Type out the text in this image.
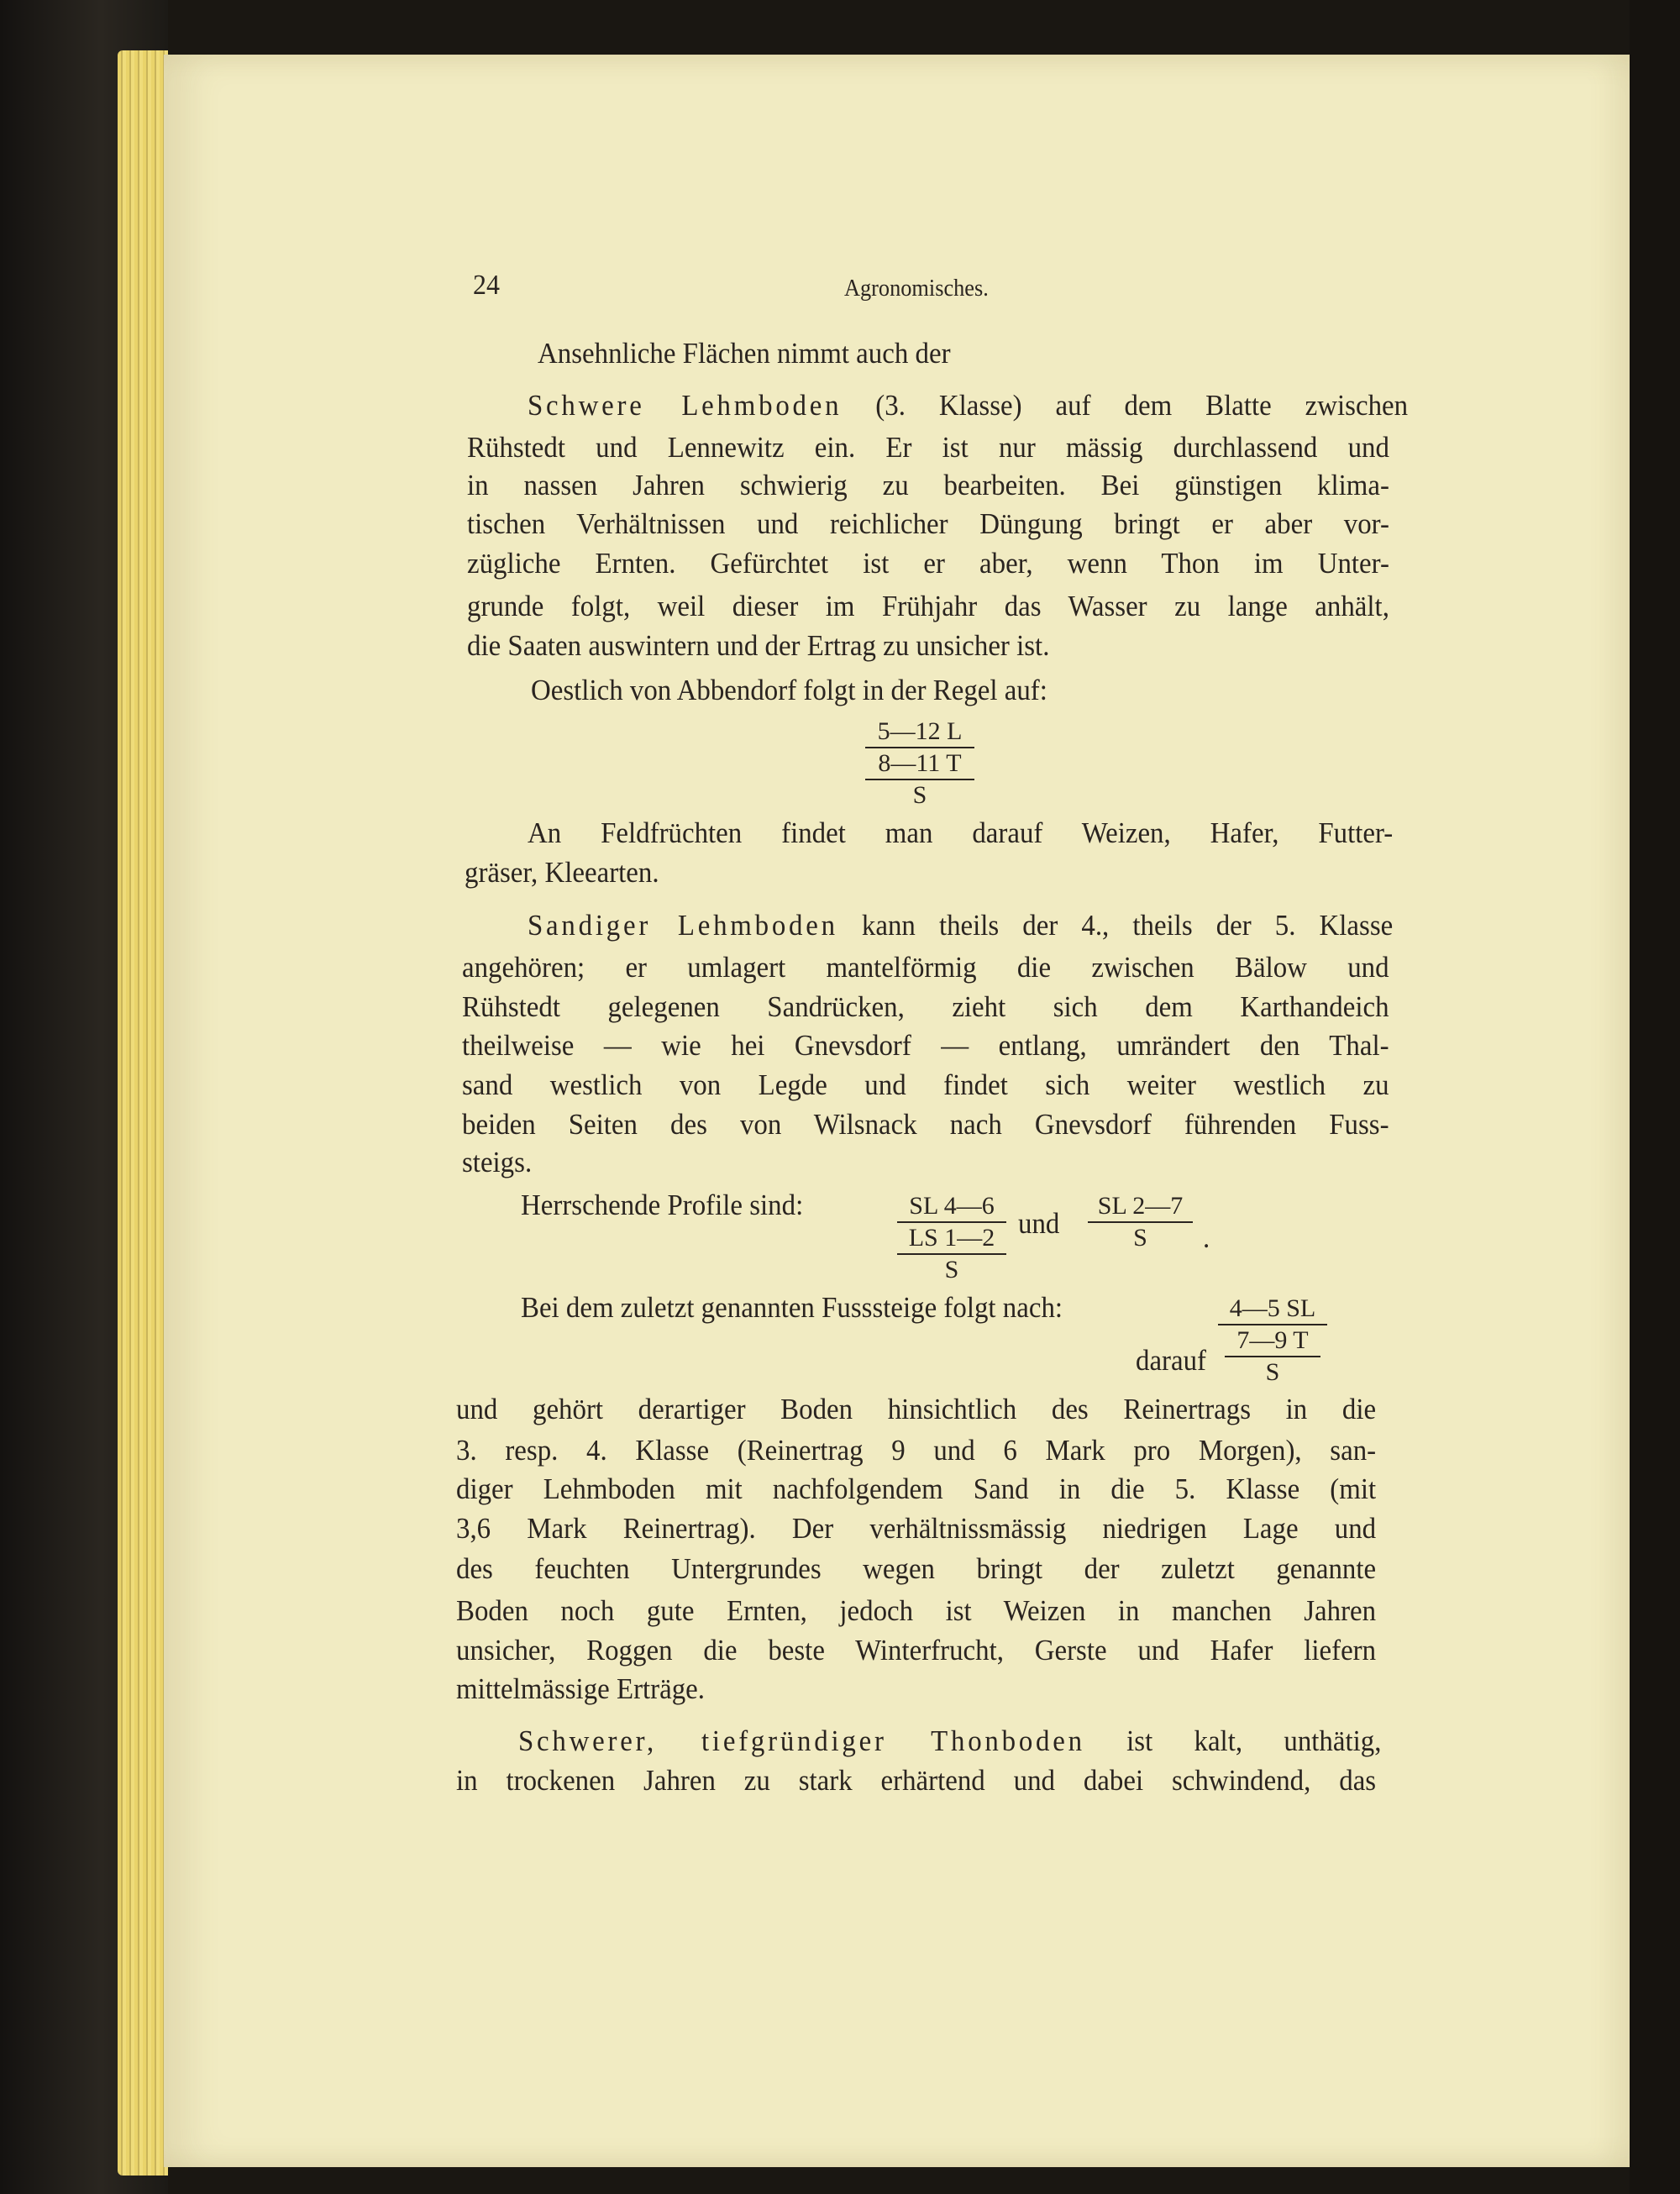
24	Agronomisches.
Ansehnliche Flächen nimmt auch der
Schwere Lehmboden (3. Klasse) auf dem Blatte zwischen
Rühstedt und Lennewitz ein. Er ist nur mässig durchlassend und
in nassen Jahren schwierig zu bearbeiten. Bei günstigen klima-
tischen Verhältnissen und reichlicher Düngung bringt er aber vor-
zügliche Ernten. Gefürchtet ist er aber, wenn Thon im Unter-
grunde folgt, weil dieser im Frühjahr das Wasser zu lange anhält,
die Saaten auswintern und der Ertrag zu unsicher ist.
Oestlich von Abbendorf folgt in der Regel auf:
5—12 L
8—11 T
S
An Feldfrüchten findet man darauf Weizen, Hafer, Futter-
gräser, Kleearten.
Sandiger Lehmboden kann theils der 4., theils der 5. Klasse
angehören; er umlagert mantelförmig die zwischen Bälow und
Rühstedt gelegenen Sandrücken, zieht sich dem Karthandeich
theilweise — wie hei Gnevsdorf — entlang, umrändert den Thal-
sand westlich von Legde und findet sich weiter westlich zu
beiden Seiten des von Wilsnack nach Gnevsdorf führenden Fuss-
steigs.
Herrschende Profile sind:	SL 4—6
LS 1—2
S
und $\frac{SL 2—7}{S}$ .
Bei dem zuletzt genannten Fusssteige folgt nach:	4—5 SL
7—9 T
S
darauf
und gehört derartiger Boden hinsichtlich des Reinertrags in die
3. resp. 4. Klasse (Reinertrag 9 und 6 Mark pro Morgen), san-
diger Lehmboden mit nachfolgendem Sand in die 5. Klasse (mit
3,6 Mark Reinertrag). Der verhältnissmässig niedrigen Lage und
des feuchten Untergrundes wegen bringt der zuletzt genannte
Boden noch gute Ernten, jedoch ist Weizen in manchen Jahren
unsicher, Roggen die beste Winterfrucht, Gerste und Hafer liefern
mittelmässige Erträge.
Schwerer, tiefgründiger Thonboden ist kalt, unthätig,
in trockenen Jahren zu stark erhärtend und dabei schwindend, das
